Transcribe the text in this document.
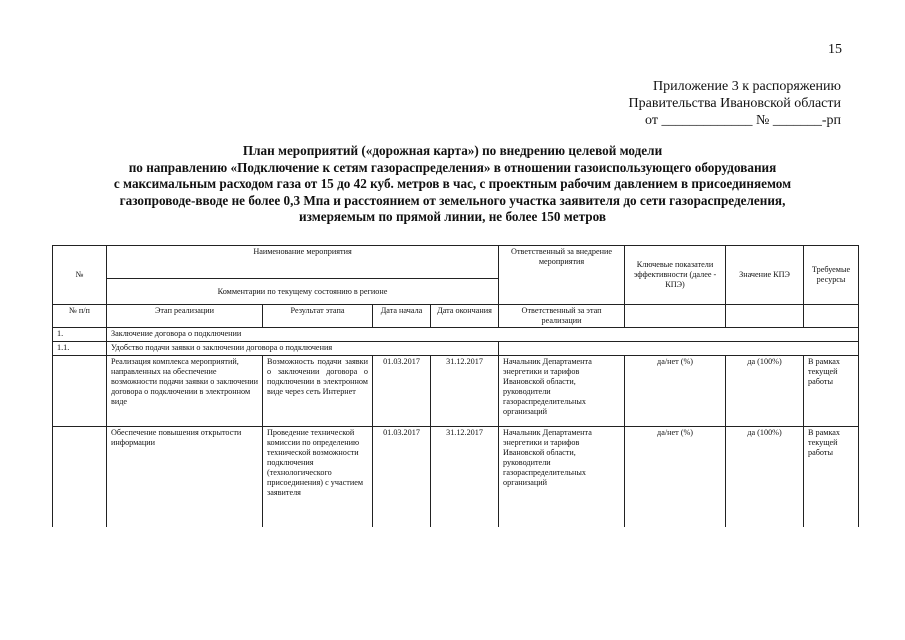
15
Приложение 3 к распоряжению
Правительства Ивановской области
от _____________ № _______-рп
План мероприятий («дорожная карта») по внедрению целевой модели
по направлению «Подключение к сетям газораспределения» в отношении газоиспользующего оборудования
с максимальным расходом газа от 15 до 42 куб. метров в час, с проектным рабочим давлением в присоединяемом
газопроводе-вводе не более 0,3 Мпа и расстоянием от земельного участка заявителя до сети газораспределения,
измеряемым по прямой линии, не более 150 метров
№	Наименование мероприятия				Ответственный за внедрение мероприятия	Ключевые показатели эффективности (далее - КПЭ)	Значение КПЭ	Требуемые ресурсы
	Комментарии по текущему состоянию в регионе							
№ п/п	Этап реализации	Результат этапа	Дата начала	Дата окончания	Ответственный за этап реализации			
1.	Заключение договора о подключении							
1.1.	Удобство подачи заявки о заключении договора о подключения							
	Реализация комплекса мероприятий, направленных на обеспечение возможности подачи заявки о заключении договора о подключении в электронном виде	Возможность подачи заявки о заключении договора о подключении в электронном виде через сеть Интернет	01.03.2017	31.12.2017	Начальник Департамента энергетики и тарифов Ивановской области, руководители газораспределительных организаций	да/нет (%)	да (100%)	В рамках текущей работы
	Обеспечение повышения открытости информации	Проведение технической комиссии по определению технической возможности подключения (технологического присоединения) с участием заявителя	01.03.2017	31.12.2017	Начальник Департамента энергетики и тарифов Ивановской области, руководители газораспределительных организаций	да/нет (%)	да (100%)	В рамках текущей работы
